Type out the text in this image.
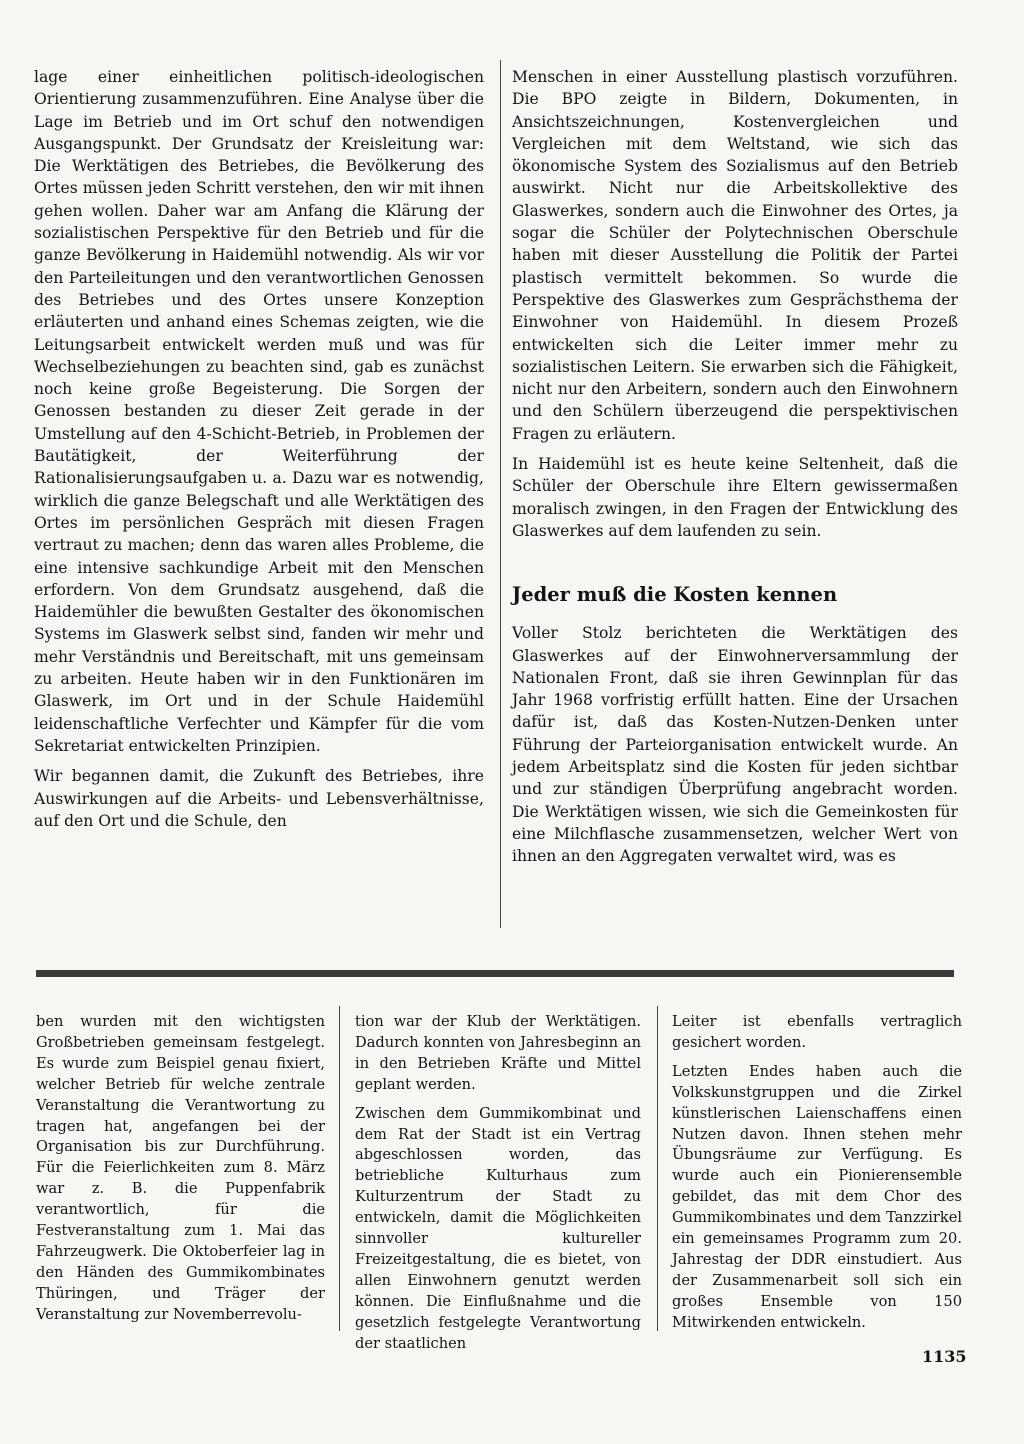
lage einer einheitlichen politisch-ideologischen Orientierung zusammenzuführen. Eine Analyse über die Lage im Betrieb und im Ort schuf den notwendigen Ausgangspunkt. Der Grundsatz der Kreisleitung war: Die Werktätigen des Betriebes, die Bevölkerung des Ortes müssen jeden Schritt verstehen, den wir mit ihnen gehen wollen. Daher war am Anfang die Klärung der sozialistischen Perspektive für den Betrieb und für die ganze Bevölkerung in Haidemühl notwendig. Als wir vor den Parteileitungen und den verantwortlichen Genossen des Betriebes und des Ortes unsere Konzeption erläuterten und anhand eines Schemas zeigten, wie die Leitungsarbeit entwickelt werden muß und was für Wechselbeziehungen zu beachten sind, gab es zunächst noch keine große Begeisterung. Die Sorgen der Genossen bestanden zu dieser Zeit gerade in der Umstellung auf den 4-Schicht-Betrieb, in Problemen der Bautätigkeit, der Weiterführung der Rationalisierungsaufgaben u. a. Dazu war es notwendig, wirklich die ganze Belegschaft und alle Werktätigen des Ortes im persönlichen Gespräch mit diesen Fragen vertraut zu machen; denn das waren alles Probleme, die eine intensive sachkundige Arbeit mit den Menschen erfordern. Von dem Grundsatz ausgehend, daß die Haidemühler die bewußten Gestalter des ökonomischen Systems im Glaswerk selbst sind, fanden wir mehr und mehr Verständnis und Bereitschaft, mit uns gemeinsam zu arbeiten. Heute haben wir in den Funktionären im Glaswerk, im Ort und in der Schule Haidemühl leidenschaftliche Verfechter und Kämpfer für die vom Sekretariat entwickelten Prinzipien.

Wir begannen damit, die Zukunft des Betriebes, ihre Auswirkungen auf die Arbeits- und Lebensverhältnisse, auf den Ort und die Schule, den

Menschen in einer Ausstellung plastisch vorzuführen. Die BPO zeigte in Bildern, Dokumenten, in Ansichtszeichnungen, Kostenvergleichen und Vergleichen mit dem Weltstand, wie sich das ökonomische System des Sozialismus auf den Betrieb auswirkt. Nicht nur die Arbeitskollektive des Glaswerkes, sondern auch die Einwohner des Ortes, ja sogar die Schüler der Polytechnischen Oberschule haben mit dieser Ausstellung die Politik der Partei plastisch vermittelt bekommen. So wurde die Perspektive des Glaswerkes zum Gesprächsthema der Einwohner von Haidemühl. In diesem Prozeß entwickelten sich die Leiter immer mehr zu sozialistischen Leitern. Sie erwarben sich die Fähigkeit, nicht nur den Arbeitern, sondern auch den Einwohnern und den Schülern überzeugend die perspektivischen Fragen zu erläutern.

In Haidemühl ist es heute keine Seltenheit, daß die Schüler der Oberschule ihre Eltern gewissermaßen moralisch zwingen, in den Fragen der Entwicklung des Glaswerkes auf dem laufenden zu sein.

Jeder muß die Kosten kennen

Voller Stolz berichteten die Werktätigen des Glaswerkes auf der Einwohnerversammlung der Nationalen Front, daß sie ihren Gewinnplan für das Jahr 1968 vorfristig erfüllt hatten. Eine der Ursachen dafür ist, daß das Kosten-Nutzen-Denken unter Führung der Parteiorganisation entwickelt wurde. An jedem Arbeitsplatz sind die Kosten für jeden sichtbar und zur ständigen Überprüfung angebracht worden. Die Werktätigen wissen, wie sich die Gemeinkosten für eine Milchflasche zusammensetzen, welcher Wert von ihnen an den Aggregaten verwaltet wird, was es

ben wurden mit den wichtigsten Großbetrieben gemeinsam festgelegt. Es wurde zum Beispiel genau fixiert, welcher Betrieb für welche zentrale Veranstaltung die Verantwortung zu tragen hat, angefangen bei der Organisation bis zur Durchführung. Für die Feierlichkeiten zum 8. März war z. B. die Puppenfabrik verantwortlich, für die Festveranstaltung zum 1. Mai das Fahrzeugwerk. Die Oktoberfeier lag in den Händen des Gummikombinates Thüringen, und Träger der Veranstaltung zur Novemberrevolu-

tion war der Klub der Werktätigen. Dadurch konnten von Jahresbeginn an in den Betrieben Kräfte und Mittel geplant werden.

Zwischen dem Gummikombinat und dem Rat der Stadt ist ein Vertrag abgeschlossen worden, das betriebliche Kulturhaus zum Kulturzentrum der Stadt zu entwickeln, damit die Möglichkeiten sinnvoller kultureller Freizeitgestaltung, die es bietet, von allen Einwohnern genutzt werden können. Die Einflußnahme und die gesetzlich festgelegte Verantwortung der staatlichen

Leiter ist ebenfalls vertraglich gesichert worden.

Letzten Endes haben auch die Volkskunstgruppen und die Zirkel künstlerischen Laienschaffens einen Nutzen davon. Ihnen stehen mehr Übungsräume zur Verfügung. Es wurde auch ein Pionierensemble gebildet, das mit dem Chor des Gummikombinates und dem Tanzzirkel ein gemeinsames Programm zum 20. Jahrestag der DDR einstudiert. Aus der Zusammenarbeit soll sich ein großes Ensemble von 150 Mitwirkenden entwickeln.

1135
